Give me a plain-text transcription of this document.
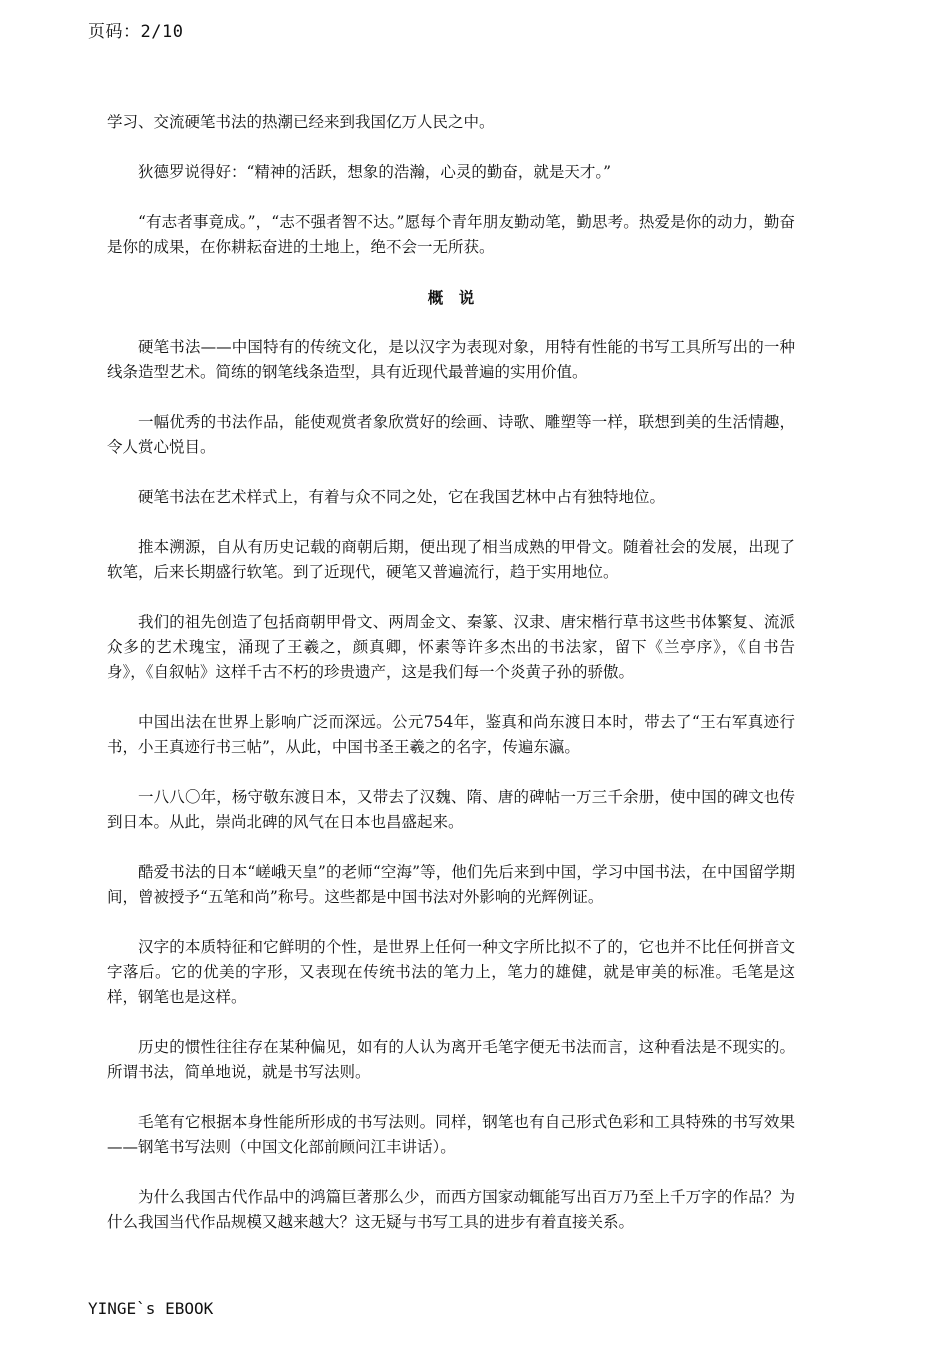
页码：2/10

学习、交流硬笔书法的热潮已经来到我国亿万人民之中。

狄德罗说得好：“精神的活跃，想象的浩瀚，心灵的勤奋，就是天才。”

“有志者事竟成。”，“志不强者智不达。”愿每个青年朋友勤动笔，勤思考。热爱是你的动力，勤奋是你的成果，在你耕耘奋进的土地上，绝不会一无所获。

概说

硬笔书法——中国特有的传统文化，是以汉字为表现对象，用特有性能的书写工具所写出的一种线条造型艺术。简练的钢笔线条造型，具有近现代最普遍的实用价值。

一幅优秀的书法作品，能使观赏者象欣赏好的绘画、诗歌、雕塑等一样，联想到美的生活情趣，令人赏心悦目。

硬笔书法在艺术样式上，有着与众不同之处，它在我国艺林中占有独特地位。

推本溯源，自从有历史记载的商朝后期，便出现了相当成熟的甲骨文。随着社会的发展，出现了软笔，后来长期盛行软笔。到了近现代，硬笔又普遍流行，趋于实用地位。

我们的祖先创造了包括商朝甲骨文、两周金文、秦篆、汉隶、唐宋楷行草书这些书体繁复、流派众多的艺术瑰宝，涌现了王羲之，颜真卿，怀素等许多杰出的书法家，留下《兰亭序》，《自书告身》，《自叙帖》这样千古不朽的珍贵遗产，这是我们每一个炎黄子孙的骄傲。

中国出法在世界上影响广泛而深远。公元754年，鉴真和尚东渡日本时，带去了“王右军真迹行书，小王真迹行书三帖”，从此，中国书圣王羲之的名字，传遍东瀛。

一八八〇年，杨守敬东渡日本，又带去了汉魏、隋、唐的碑帖一万三千余册，使中国的碑文也传到日本。从此，崇尚北碑的风气在日本也昌盛起来。

酷爱书法的日本“嵯峨天皇”的老师“空海”等，他们先后来到中国，学习中国书法，在中国留学期间，曾被授予“五笔和尚”称号。这些都是中国书法对外影响的光辉例证。

汉字的本质特征和它鲜明的个性，是世界上任何一种文字所比拟不了的，它也并不比任何拼音文字落后。它的优美的字形，又表现在传统书法的笔力上，笔力的雄健，就是审美的标准。毛笔是这样，钢笔也是这样。

历史的惯性往往存在某种偏见，如有的人认为离开毛笔字便无书法而言，这种看法是不现实的。所谓书法，简单地说，就是书写法则。

毛笔有它根据本身性能所形成的书写法则。同样，钢笔也有自己形式色彩和工具特殊的书写效果——钢笔书写法则（中国文化部前顾问江丰讲话）。

为什么我国古代作品中的鸿篇巨著那么少，而西方国家动辄能写出百万乃至上千万字的作品？为什么我国当代作品规模又越来越大？这无疑与书写工具的进步有着直接关系。

YINGE`s EBOOK
